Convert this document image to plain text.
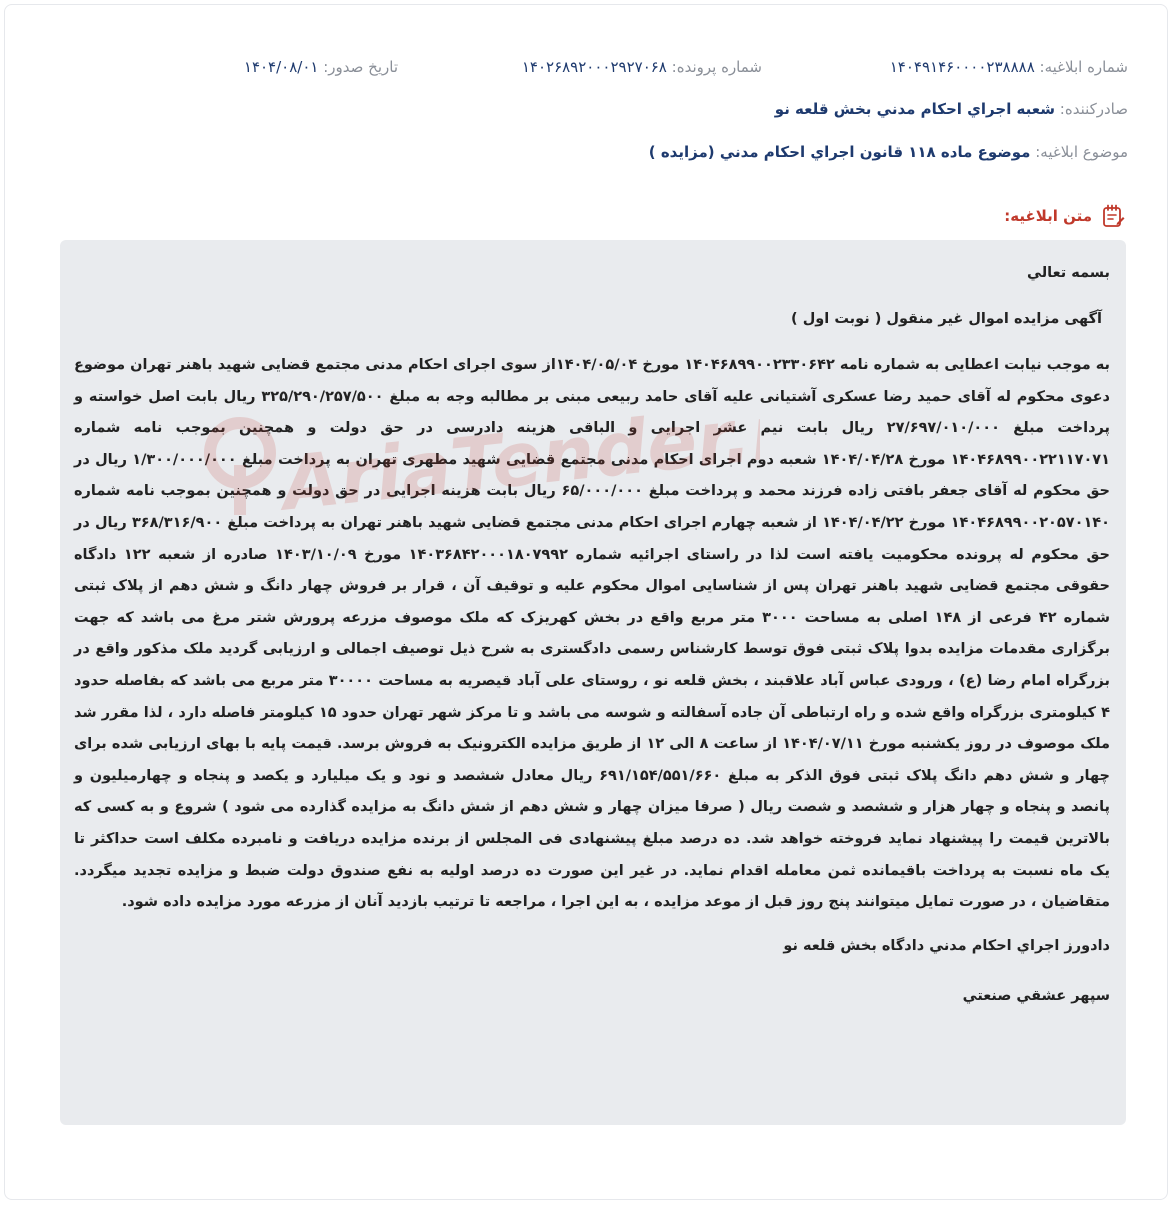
شماره ابلاغیه: ۱۴۰۴۹۱۴۶۰۰۰۰۲۳۸۸۸۸
شماره پرونده: ۱۴۰۲۶۸۹۲۰۰۰۲۹۲۷۰۶۸
تاریخ صدور: ۱۴۰۴/۰۸/۰۱
صادرکننده: شعبه اجراي احكام مدني بخش قلعه نو
موضوع ابلاغیه: موضوع ماده ۱۱۸ قانون اجراي احكام مدني (مزايده )
متن ابلاغیه:

بسمه تعالي

آگهی مزایده اموال غیر منقول ( نوبت اول )

به موجب نیابت اعطایی به شماره نامه ۱۴۰۴۶۸۹۹۰۰۲۳۳۰۶۴۲ مورخ ۱۴۰۴/۰۵/۰۴از سوی اجرای احکام مدنی مجتمع قضایی شهید باهنر تهران موضوع دعوی محکوم له آقای حمید رضا عسکری آشتیانی علیه آقای حامد ربیعی مبنی بر مطالبه وجه به مبلغ ۳۲۵/۲۹۰/۲۵۷/۵۰۰ ریال بابت اصل خواسته و پرداخت مبلغ ۲۷/۶۹۷/۰۱۰/۰۰۰ ریال بابت نیم عشر اجرایی و الباقی هزینه دادرسی در حق دولت و همچنین بموجب نامه شماره ۱۴۰۴۶۸۹۹۰۰۲۲۱۱۷۰۷۱ مورخ ۱۴۰۴/۰۴/۲۸ شعبه دوم اجرای احکام مدنی مجتمع قضایی شهید مطهری تهران به پرداخت مبلغ ۱/۳۰۰/۰۰۰/۰۰۰ ریال در حق محکوم له آقای جعفر بافتی زاده فرزند محمد و پرداخت مبلغ ۶۵/۰۰۰/۰۰۰ ریال بابت هزینه اجرایی در حق دولت و همچنین بموجب نامه شماره ۱۴۰۴۶۸۹۹۰۰۲۰۵۷۰۱۴۰ مورخ ۱۴۰۴/۰۴/۲۲ از شعبه چهارم اجرای احکام مدنی مجتمع قضایی شهید باهنر تهران به پرداخت مبلغ ۳۶۸/۳۱۶/۹۰۰ ریال در حق محکوم له پرونده محکومیت یافته است لذا در راستای اجرائیه شماره ۱۴۰۳۶۸۴۲۰۰۰۱۸۰۷۹۹۲ مورخ ۱۴۰۳/۱۰/۰۹ صادره از شعبه ۱۲۲ دادگاه حقوقی مجتمع قضایی شهید باهنر تهران پس از شناسایی اموال محکوم علیه و توقیف آن ، قرار بر فروش چهار دانگ و شش دهم از پلاک ثبتی شماره ۴۲ فرعی از ۱۴۸ اصلی به مساحت ۳۰۰۰ متر مربع واقع در بخش کهریزک که ملک موصوف مزرعه پرورش شتر مرغ می باشد که جهت برگزاری مقدمات مزایده بدوا پلاک ثبتی فوق توسط کارشناس رسمی دادگستری به شرح ذیل توصیف اجمالی و ارزیابی گردید ملک مذکور واقع در بزرگراه امام رضا (ع) ، ورودی عباس آباد علاقبند ، بخش قلعه نو ، روستای علی آباد قیصریه به مساحت ۳۰۰۰۰ متر مربع می باشد که بفاصله حدود ۴ کیلومتری بزرگراه واقع شده و راه ارتباطی آن جاده آسفالته و شوسه می باشد و تا مرکز شهر تهران حدود ۱۵ کیلومتر فاصله دارد ، لذا مقرر شد ملک موصوف در روز یکشنبه مورخ ۱۴۰۴/۰۷/۱۱ از ساعت ۸ الی ۱۲ از طریق مزایده الکترونیک به فروش برسد. قیمت پایه با بهای ارزیابی شده برای چهار و شش دهم دانگ پلاک ثبتی فوق الذکر به مبلغ ۶۹۱/۱۵۴/۵۵۱/۶۶۰ ریال معادل ششصد و نود و یک میلیارد و یکصد و پنجاه و چهارمیلیون و پانصد و پنجاه و چهار هزار و ششصد و شصت ریال ( صرفا میزان چهار و شش دهم از شش دانگ به مزایده گذارده می شود ) شروع و به کسی که بالاترین قیمت را پیشنهاد نماید فروخته خواهد شد. ده درصد مبلغ پیشنهادی فی المجلس از برنده مزایده دریافت و نامبرده مکلف است حداکثر تا یک ماه نسبت به پرداخت باقیمانده ثمن معامله اقدام نماید. در غیر این صورت ده درصد اولیه به نفع صندوق دولت ضبط و مزایده تجدید میگردد. متقاضیان ، در صورت تمایل میتوانند پنج روز قبل از موعد مزایده ، به این اجرا ، مراجعه تا ترتیب بازدید آنان از مزرعه مورد مزایده داده شود.

دادورز اجراي احكام مدني دادگاه بخش قلعه نو

سپهر عشقي صنعتي
